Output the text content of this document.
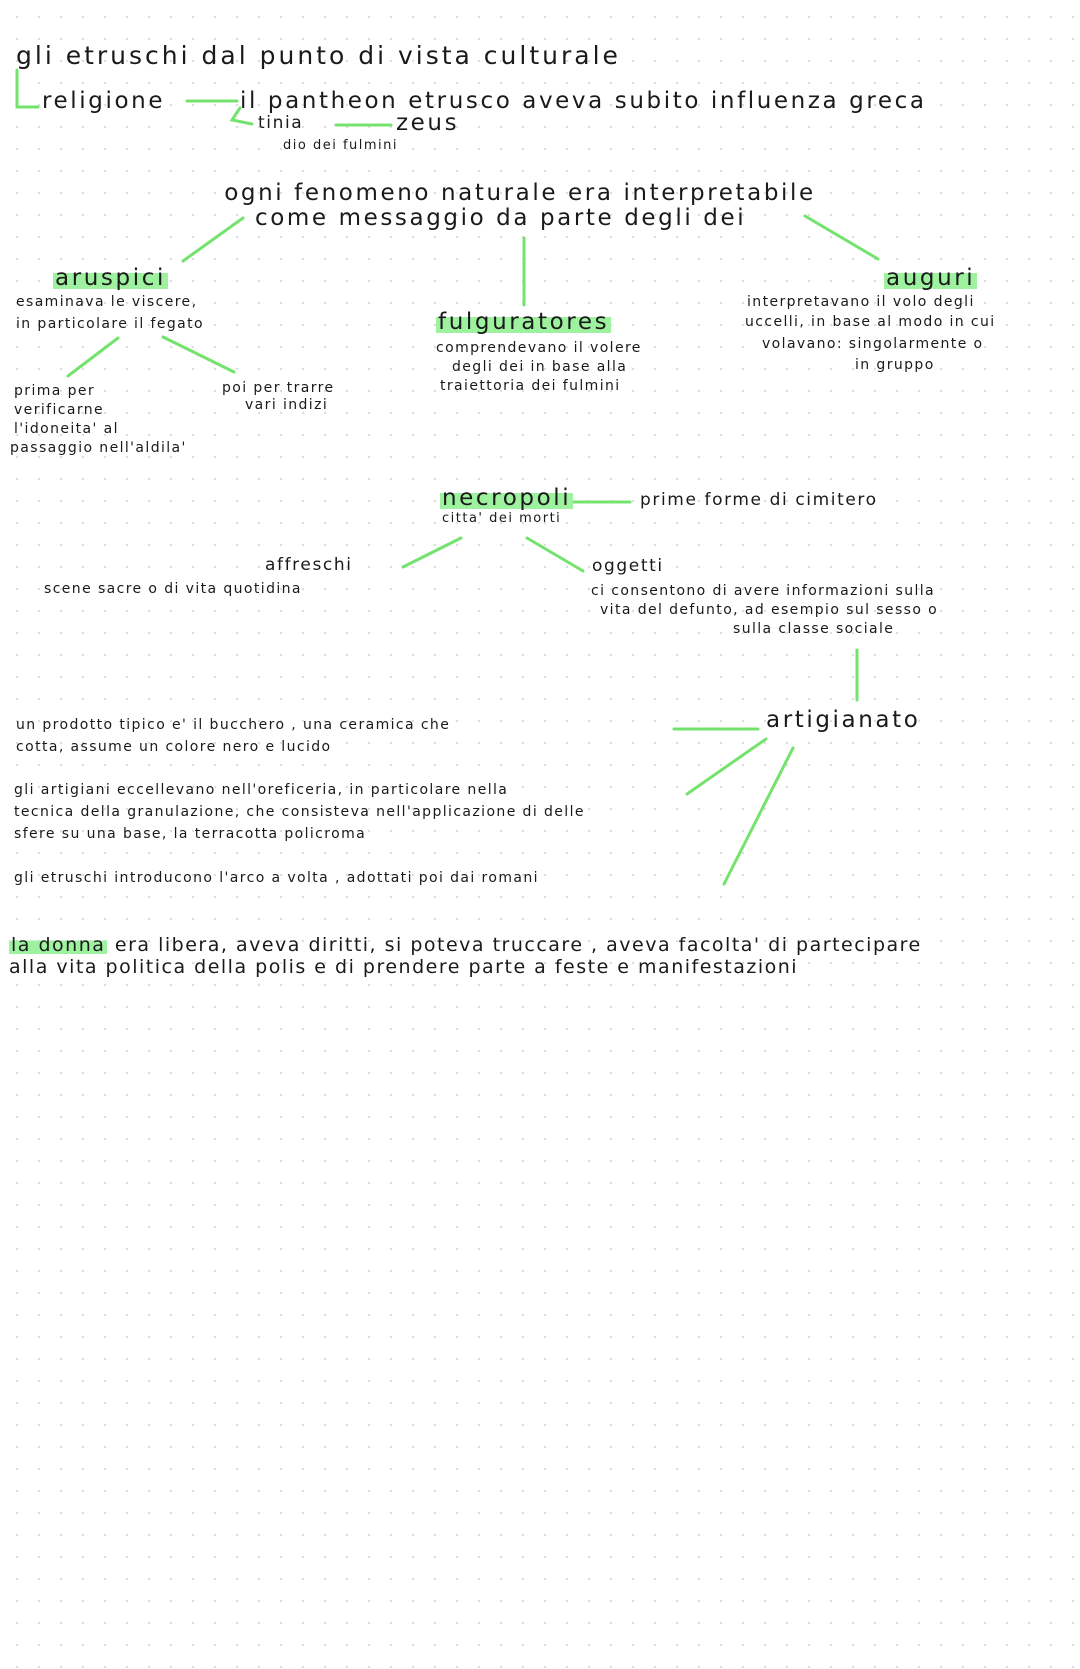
gli etruschi dal punto di vista culturale
religione	il pantheon etrusco aveva subito influenza greca
tinia	zeus
dio dei fulmini
ogni fenomeno naturale era interpretabile
come messaggio da parte degli dei
aruspici
esaminava le viscere,
in particolare il fegato
prima per
verificarne
l'idoneita' al
passaggio nell'aldila'
poi per trarre
vari indizi
fulguratores
comprendevano il volere
degli dei in base alla
traiettoria dei fulmini
auguri
interpretavano il volo degli
uccelli, in base al modo in cui
volavano: singolarmente o
in gruppo
necropoli
citta' dei morti
prime forme di cimitero
affreschi
scene sacre o di vita quotidina
oggetti
ci consentono di avere informazioni sulla
vita del defunto, ad esempio sul sesso o
sulla classe sociale
artigianato
un prodotto tipico e' il bucchero , una ceramica che
cotta, assume un colore nero e lucido
gli artigiani eccellevano nell'oreficeria, in particolare nella
tecnica della granulazione, che consisteva nell'applicazione di delle
sfere su una base, la terracotta policroma
gli etruschi introducono l'arco a volta , adottati poi dai romani
la donna era libera, aveva diritti, si poteva truccare , aveva facolta' di partecipare
alla vita politica della polis e di prendere parte a feste e manifestazioni
